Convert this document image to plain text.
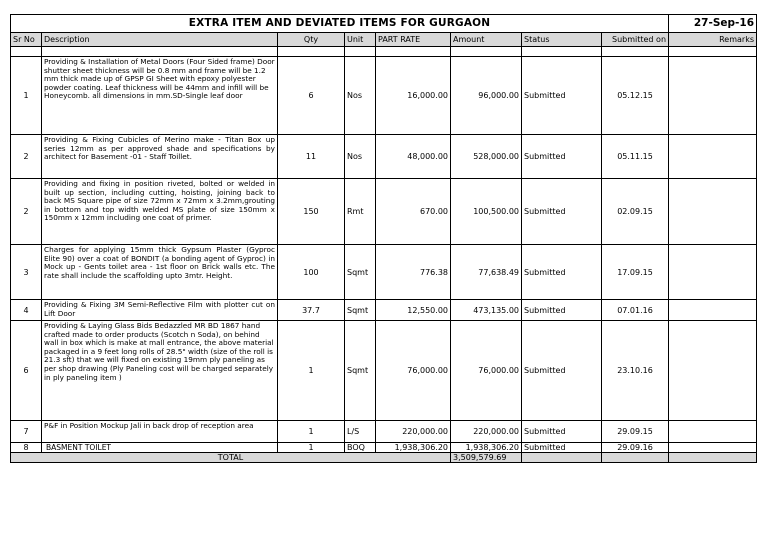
EXTRA ITEM AND DEVIATED ITEMS FOR GURGAON								27-Sep-16
Sr No	Description	Qty	Unit	PART RATE	Amount	Status	Submitted on	Remarks

1	Providing & Installation of Metal Doors (Four Sided frame) Door shutter sheet thickness will be 0.8 mm and frame will be 1.2 mm thick made up of GPSP GI Sheet with epoxy polyester powder coating. Leaf thickness will be 44mm and infill will be Honeycomb. all dimensions in mm.SD-Single leaf door	6	Nos	16,000.00	96,000.00	Submitted	05.12.15	
2	Providing & Fixing Cubicles of Merino make - Titan Box up series 12mm as per approved shade and specifications by architect for Basement -01 - Staff Toillet.	11	Nos	48,000.00	528,000.00	Submitted	05.11.15	
2	Providing and fixing in position riveted, bolted or welded in built up section, including cutting, hoisting, joining back to back MS Square pipe of size 72mm x 72mm x 3.2mm,grouting in bottom and top width welded MS plate of size 150mm x 150mm x 12mm including one coat of primer.	150	Rmt	670.00	100,500.00	Submitted	02.09.15	
3	Charges for applying 15mm thick Gypsum Plaster (Gyproc Elite 90) over a coat of BONDIT (a bonding agent of Gyproc) in Mock up - Gents toilet area - 1st floor on Brick walls etc. The rate shall include the scaffolding upto 3mtr. Height.	100	Sqmt	776.38	77,638.49	Submitted	17.09.15	
4	Providing & Fixing 3M Semi-Reflective Film with plotter cut on Lift Door	37.7	Sqmt	12,550.00	473,135.00	Submitted	07.01.16	
6	Providing & Laying Glass Bids Bedazzled MR BD 1867 hand crafted made to order products (Scotch n Soda), on behind wall in box which is make at mall entrance, the above material packaged in a 9 feet long rolls of 28.5" width (size of the roll is 21.3 sft) that we will fixed on existing 19mm ply paneling as per shop drawing (Ply Paneling cost will be charged separately in ply paneling item )	1	Sqmt	76,000.00	76,000.00	Submitted	23.10.16	
7	P&F in Position Mockup Jali in back drop of reception area	1	L/S	220,000.00	220,000.00	Submitted	29.09.15	
8	BASMENT TOILET	1	BOQ	1,938,306.20	1,938,306.20	Submitted	29.09.16	
TOTAL					3,509,579.69			
